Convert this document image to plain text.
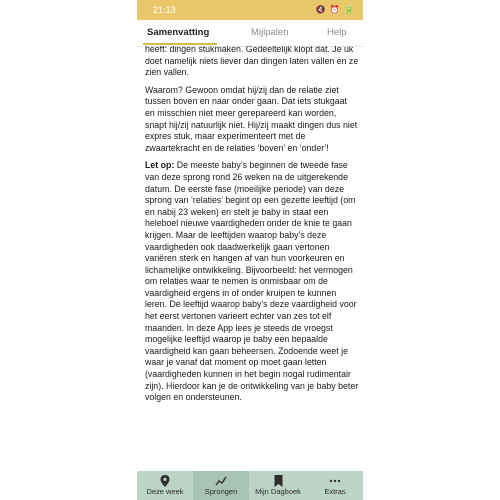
21:13	🔇 ⏰ 🔋
Samenvatting	Mijlpalen	Help

heeft: dingen stukmaken. Gedeeltelijk klopt dat. Je uk doet namelijk niets liever dan dingen laten vallen en ze zien vallen.

Waarom? Gewoon omdat hij/zij dan de relatie ziet tussen boven en naar onder gaan. Dat iets stukgaat en misschien niet meer gerepareerd kan worden, snapt hij/zij natuurlijk niet. Hij/zij maakt dingen dus niet expres stuk, maar experimenteert met de zwaartekracht en de relaties ‘boven’ en ‘onder’!

Let op: De meeste baby’s beginnen de tweede fase van deze sprong rond 26 weken na de uitgerekende datum. De eerste fase (moeilijke periode) van deze sprong van ‘relaties’ begint op een gezette leeftijd (om en nabij 23 weken) en stelt je baby in staat een heleboel nieuwe vaardigheden onder de knie te gaan krijgen. Maar de leeftijden waarop baby’s deze vaardigheden ook daadwerkelijk gaan vertonen variëren sterk en hangen af van hun voorkeuren en lichamelijke ontwikkeling. Bijvoorbeeld: het vermogen om relaties waar te nemen is onmisbaar om de vaardigheid ergens in of onder kruipen te kunnen leren. De leeftijd waarop baby’s deze vaardigheid voor het eerst vertonen varieert echter van zes tot elf maanden. In deze App lees je steeds de vroegst mogelijke leeftijd waarop je baby een bepaalde vaardigheid kan gaan beheersen. Zodoende weet je waar je vanaf dat moment op moet gaan letten (vaardigheden kunnen in het begin nogal rudimentair zijn). Hierdoor kan je de ontwikkeling van je baby beter volgen en ondersteunen.

Deze week	Sprongen	Mijn Dagboek	Extras
